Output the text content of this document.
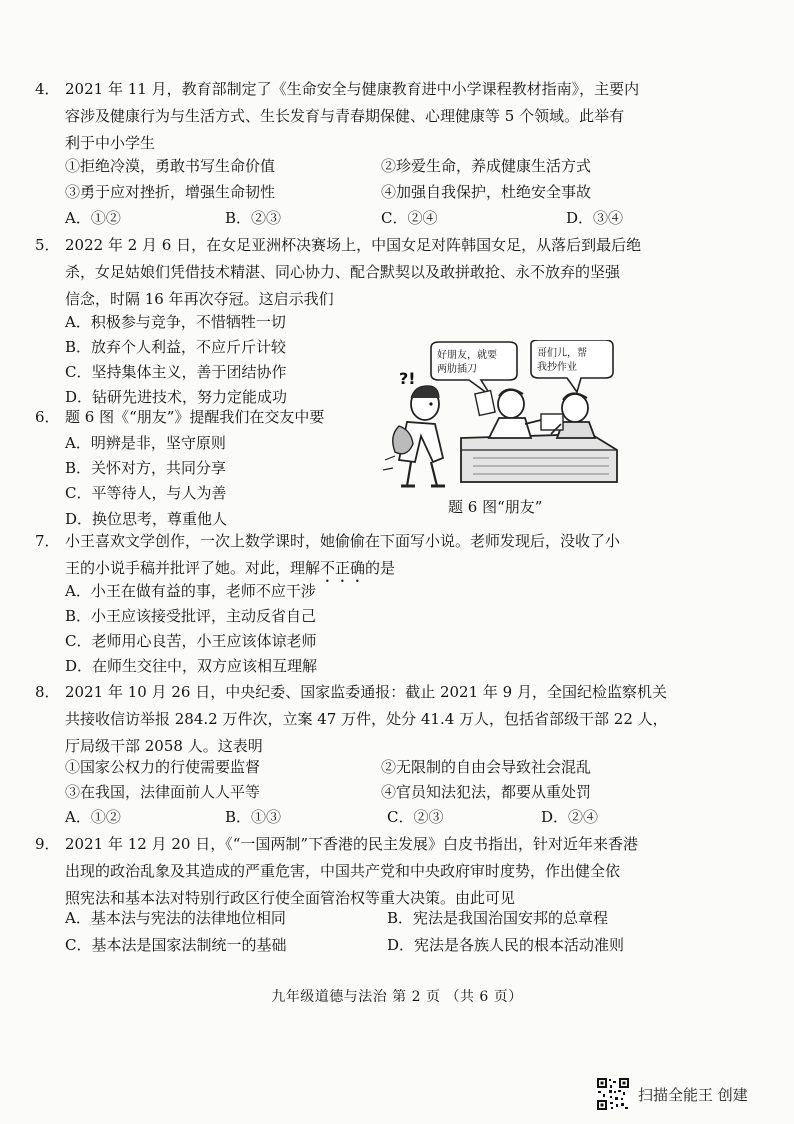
4． 2021 年 11 月，教育部制定了《生命安全与健康教育进中小学课程教材指南》，主要内
容涉及健康行为与生活方式、生长发育与青春期保健、心理健康等 5 个领域。此举有
利于中小学生
①拒绝冷漠，勇敢书写生命价值	②珍爱生命，养成健康生活方式
③勇于应对挫折，增强生命韧性	④加强自我保护，杜绝安全事故
A．①②	B．②③	C．②④	D．③④
5． 2022 年 2 月 6 日，在女足亚洲杯决赛场上，中国女足对阵韩国女足，从落后到最后绝
杀，女足姑娘们凭借技术精湛、同心协力、配合默契以及敢拼敢抢、永不放弃的坚强
信念，时隔 16 年再次夺冠。这启示我们
A．积极参与竞争，不惜牺牲一切
B．放弃个人利益，不应斤斤计较
C．坚持集体主义，善于团结协作
D．钻研先进技术，努力定能成功
6． 题 6 图《“朋友”》提醒我们在交友中要
A．明辨是非，坚守原则
B．关怀对方，共同分享
C．平等待人，与人为善
D．换位思考，尊重他人
好朋友，就要
两肋插刀
哥们儿，帮
我抄作业
?!
题 6 图“朋友”
7． 小王喜欢文学创作，一次上数学课时，她偷偷在下面写小说。老师发现后，没收了小
王的小说手稿并批评了她。对此，理解不正确的是
A．小王在做有益的事，老师不应干涉
B．小王应该接受批评，主动反省自己
C．老师用心良苦，小王应该体谅老师
D．在师生交往中，双方应该相互理解
8． 2021 年 10 月 26 日，中央纪委、国家监委通报：截止 2021 年 9 月，全国纪检监察机关
共接收信访举报 284.2 万件次，立案 47 万件，处分 41.4 万人，包括省部级干部 22 人，
厅局级干部 2058 人。这表明
①国家公权力的行使需要监督	②无限制的自由会导致社会混乱
③在我国，法律面前人人平等	④官员知法犯法，都要从重处罚
A．①②	B．①③	C．②③	D．②④
9． 2021 年 12 月 20 日，《“一国两制”下香港的民主发展》白皮书指出，针对近年来香港
出现的政治乱象及其造成的严重危害，中国共产党和中央政府审时度势，作出健全依
照宪法和基本法对特别行政区行使全面管治权等重大决策。由此可见
A．基本法与宪法的法律地位相同	B．宪法是我国治国安邦的总章程
C．基本法是国家法制统一的基础	D．宪法是各族人民的根本活动准则
九年级道德与法治 第 2 页 （共 6 页）
扫描全能王 创建
